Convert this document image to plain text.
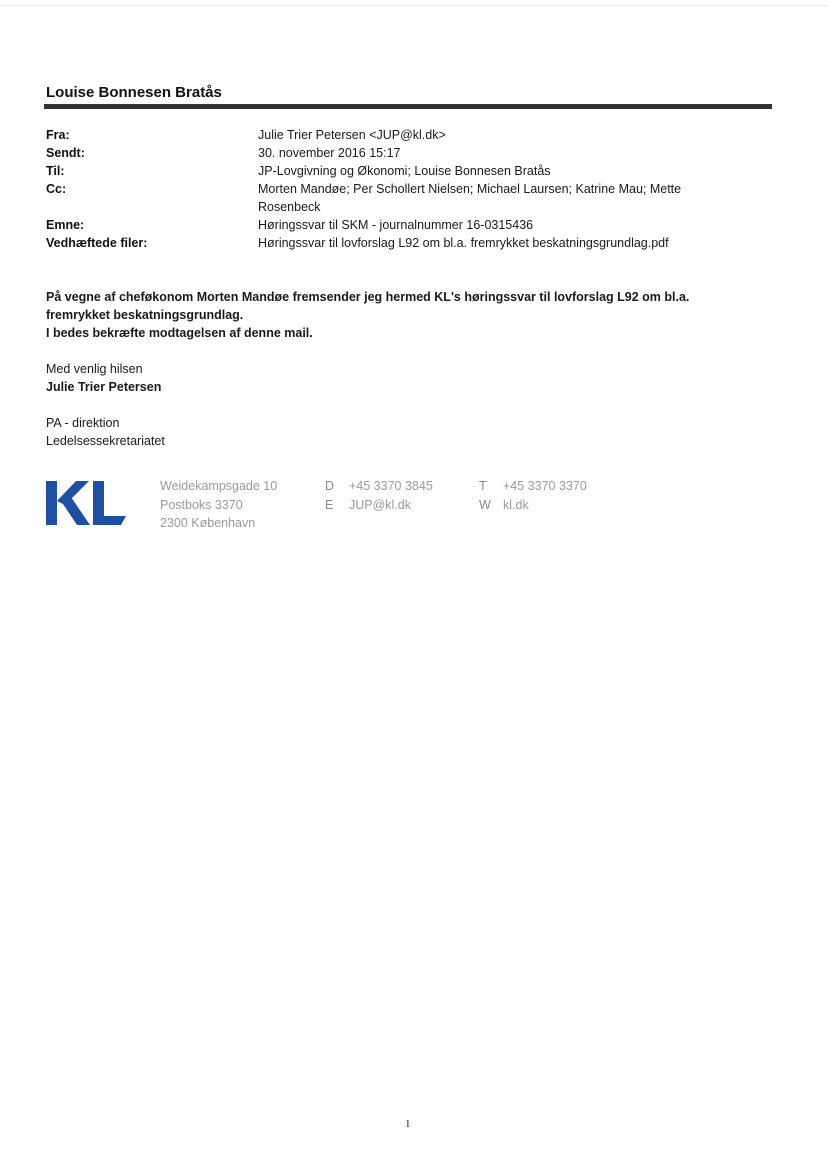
Louise Bonnesen Bratås
Fra:	Julie Trier Petersen <JUP@kl.dk>
Sendt:	30. november 2016 15:17
Til:	JP-Lovgivning og Økonomi; Louise Bonnesen Bratås
Cc:	Morten Mandøe; Per Schollert Nielsen; Michael Laursen; Katrine Mau; Mette Rosenbeck
Emne:	Høringssvar til SKM - journalnummer 16-0315436
Vedhæftede filer:	Høringssvar til lovforslag L92 om bl.a. fremrykket beskatningsgrundlag.pdf

På vegne af cheføkonom Morten Mandøe fremsender jeg hermed KL's høringssvar til lovforslag L92 om bl.a. fremrykket beskatningsgrundlag.

I bedes bekræfte modtagelsen af denne mail.

Med venlig hilsen

Julie Trier Petersen

PA - direktion

Ledelsessekretariatet

Weidekampsgade 10
Postboks 3370
2300 København
D +45 3370 3845
E JUP@kl.dk
T +45 3370 3370
W kl.dk
1
